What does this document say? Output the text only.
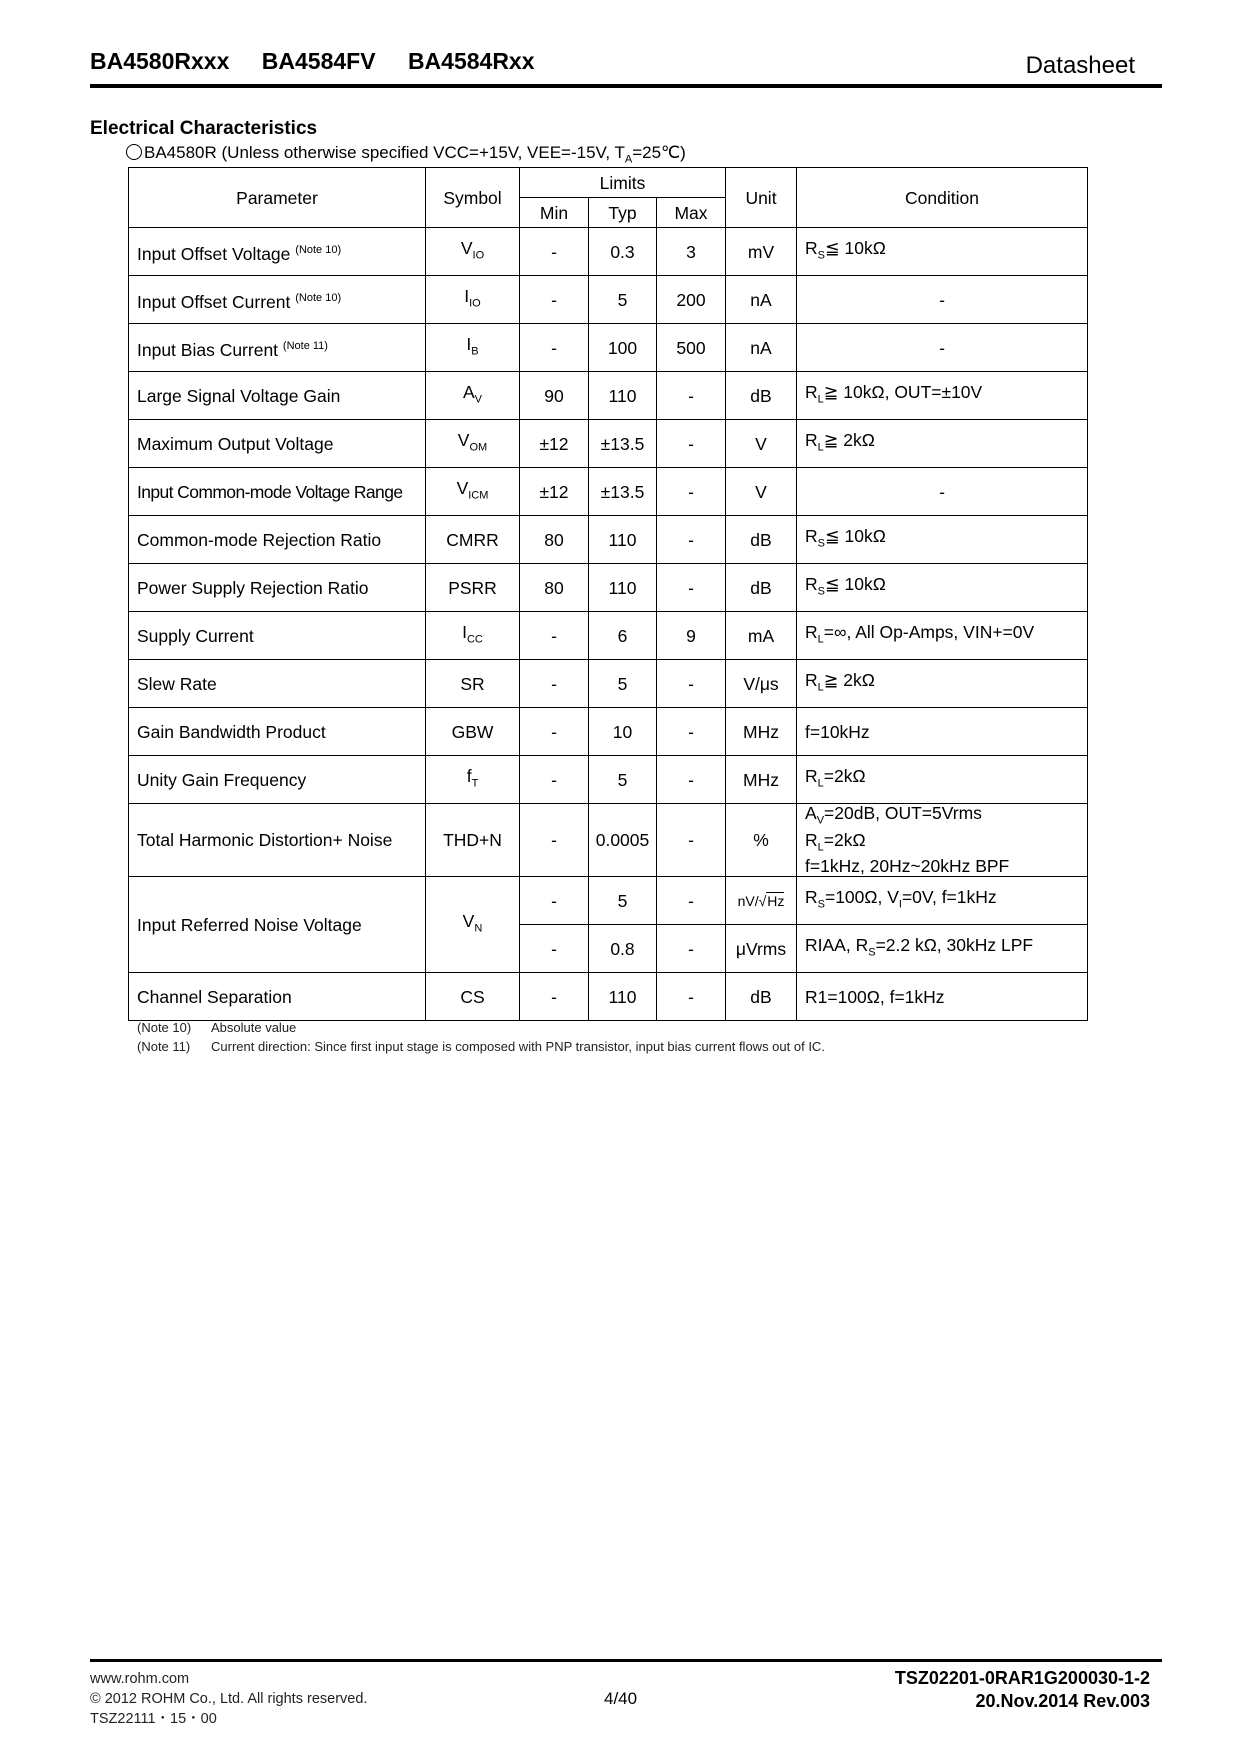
BA4580Rxxx BA4584FV BA4584Rxx	Datasheet
Electrical Characteristics
BA4580R (Unless otherwise specified VCC=+15V, VEE=-15V, $T_A=25℃$)
Parameter	Symbol	Limits			Unit	Condition
		Min	Typ	Max		
Input Offset Voltage $^{(Note 10)}$	$V_{IO}$	-	0.3	3	mV	$R_S≦$ 10kΩ
Input Offset Current $^{(Note 10)}$	$I_{IO}$	-	5	200	nA	-
Input Bias Current $^{(Note 11)}$	$I_B$	-	100	500	nA	-
Large Signal Voltage Gain	$A_V$	90	110	-	dB	$R_L≧$ 10kΩ, OUT=±10V
Maximum Output Voltage	$V_{OM}$	±12	±13.5	-	V	$R_L≧$ 2kΩ
Input Common-mode Voltage Range	$V_{ICM}$	±12	±13.5	-	V	-
Common-mode Rejection Ratio	CMRR	80	110	-	dB	$R_S≦$ 10kΩ
Power Supply Rejection Ratio	PSRR	80	110	-	dB	$R_S≦$ 10kΩ
Supply Current	$I_{CC}$	-	6	9	mA	$R_L=\infty$, All Op-Amps, VIN+=0V
Slew Rate	SR	-	5	-	V/μs	$R_L≧$ 2kΩ
Gain Bandwidth Product	GBW	-	10	-	MHz	f=10kHz
Unity Gain Frequency	$f_T$	-	5	-	MHz	$R_L=2k\Omega$
Total Harmonic Distortion+ Noise	THD+N	-	0.0005	-	%	$A_V=20dB$, OUT=5Vrms
$R_L=2k\Omega$
f=1kHz, 20Hz~20kHz BPF

Input Referred Noise Voltage	$V_N$	-	5	-	nV/√Hz	$R_S=100\Omega$, $V_I=0V$, f=1kHz
		-	0.8	-	μVrms	RIAA, $R_S=2.2$ kΩ, 30kHz LPF
Channel Separation	CS	-	110	-	dB	R1=100Ω, f=1kHz
(Note 10) Absolute value
(Note 11) Current direction: Since first input stage is composed with PNP transistor, input bias current flows out of IC.
www.rohm.com
© 2012 ROHM Co., Ltd. All rights reserved.
TSZ22111・15・00
4/40
TSZ02201-0RAR1G200030-1-2
20.Nov.2014 Rev.003
